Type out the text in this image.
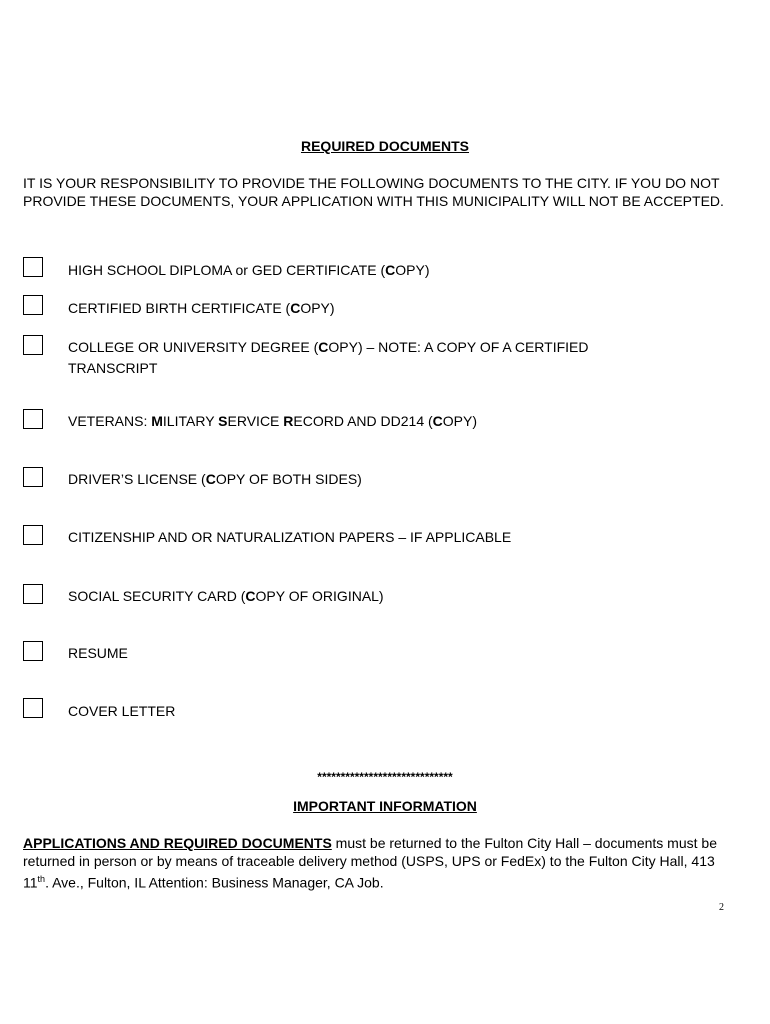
REQUIRED DOCUMENTS
IT IS YOUR RESPONSIBILITY TO PROVIDE THE FOLLOWING DOCUMENTS TO THE CITY. IF YOU DO NOT PROVIDE THESE DOCUMENTS, YOUR APPLICATION WITH THIS MUNICIPALITY WILL NOT BE ACCEPTED.
HIGH SCHOOL DIPLOMA or GED CERTIFICATE (COPY)
CERTIFIED BIRTH CERTIFICATE (COPY)
COLLEGE OR UNIVERSITY DEGREE (COPY) – NOTE: A COPY OF A CERTIFIED TRANSCRIPT
VETERANS: MILITARY SERVICE RECORD AND DD214 (COPY)
DRIVER’S LICENSE (COPY OF BOTH SIDES)
CITIZENSHIP AND OR NATURALIZATION PAPERS – IF APPLICABLE
SOCIAL SECURITY CARD (COPY OF ORIGINAL)
RESUME
COVER LETTER
*****************************
IMPORTANT INFORMATION
APPLICATIONS AND REQUIRED DOCUMENTS must be returned to the Fulton City Hall – documents must be returned in person or by means of traceable delivery method (USPS, UPS or FedEx) to the Fulton City Hall, 413 11th. Ave., Fulton, IL Attention: Business Manager, CA Job.
2
